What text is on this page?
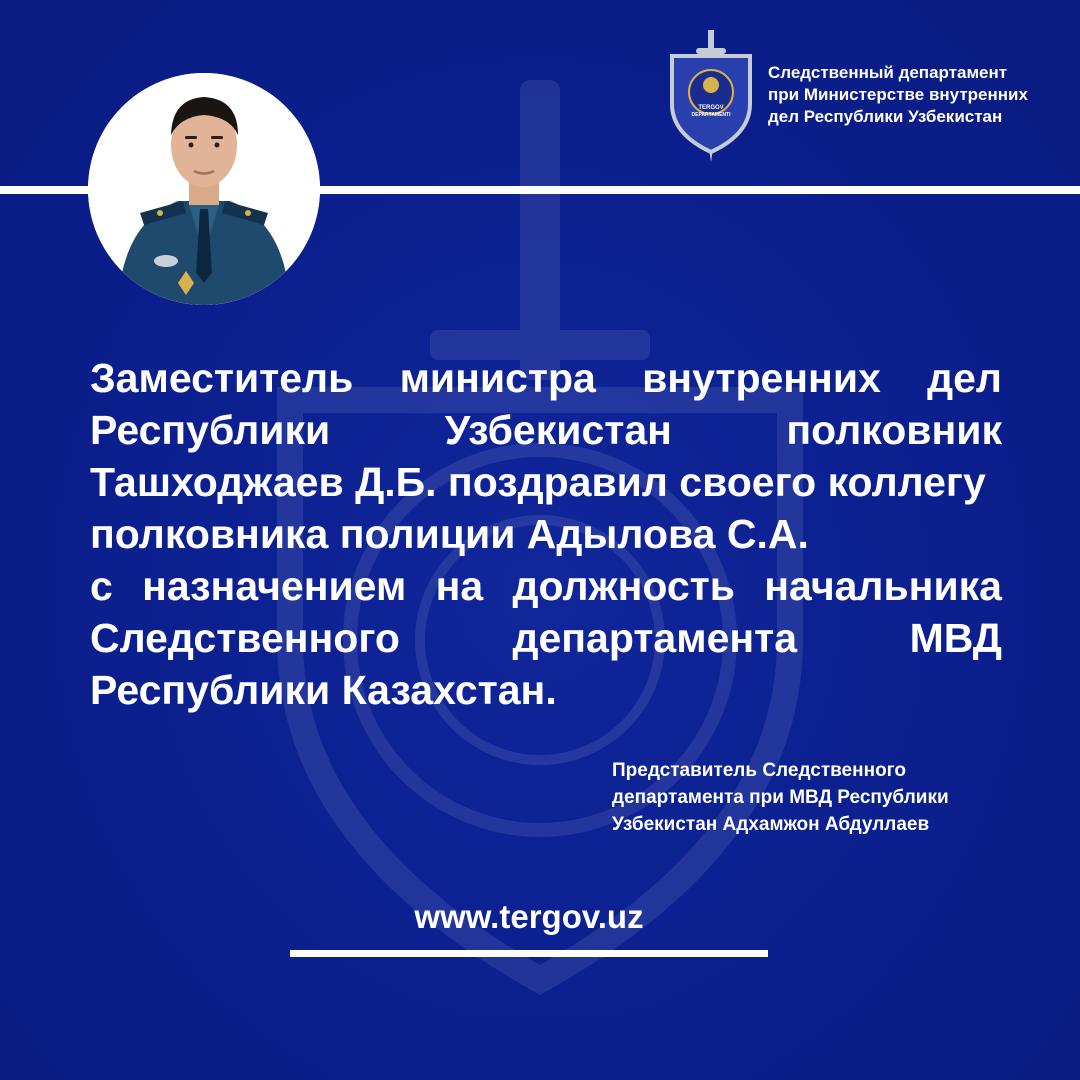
TERGOV
DEPARTAMENTI
Следственный департамент
при Министерстве внутренних
дел Республики Узбекистан
Заместитель министра внутренних дел
Республики	Узбекистан	полковник
Ташходжаев Д.Б. поздравил своего коллегу
полковника полиции Адылова С.А.
с назначением на должность начальника
Следственного	департамента	МВД
Республики Казахстан.
Представитель Следственного
департамента при МВД Республики
Узбекистан Адхамжон Абдуллаев
www.tergov.uz
